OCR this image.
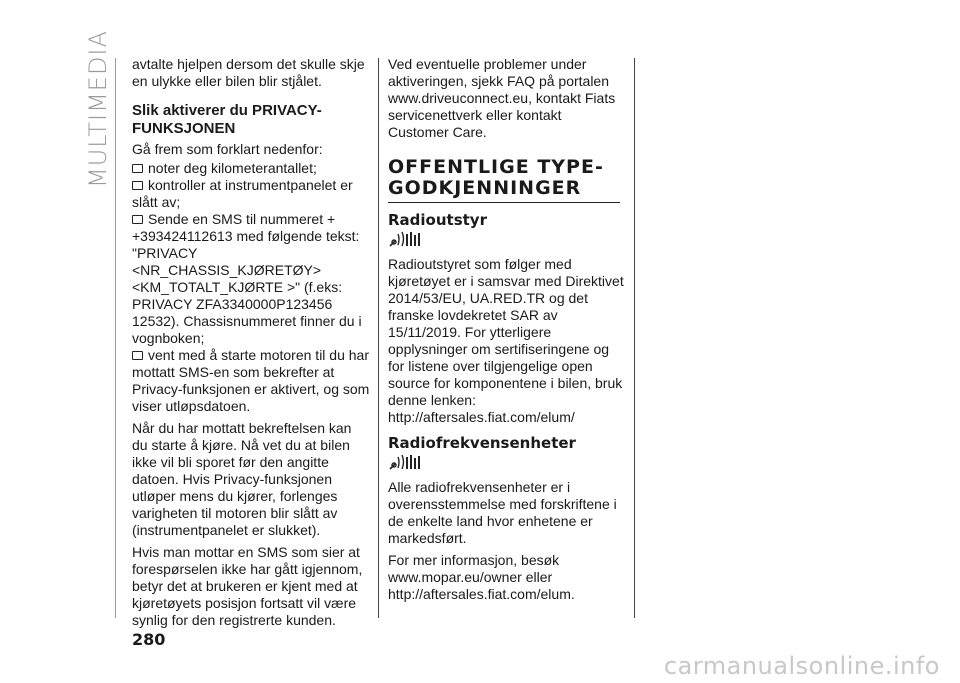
MULTIMEDIA avtalte hjelpen dersom det skulle skje en ulykke eller bilen blir stjålet.

Slik aktiverer du PRIVACY-FUNKSJONEN

Gå frem som forklart nedenfor:

noter deg kilometerantallet;
kontroller at instrumentpanelet er slått av;
Sende en SMS til nummeret + +393424112613 med følgende tekst: "PRIVACY <NR_CHASSIS_KJØRETØY> <KM_TOTALT_KJØRTE >" (f.eks: PRIVACY ZFA3340000P123456 12532). Chassisnummeret finner du i vognboken;
vent med å starte motoren til du har mottatt SMS-en som bekrefter at Privacy-funksjonen er aktivert, og som viser utløpsdatoen.

Når du har mottatt bekreftelsen kan du starte å kjøre. Nå vet du at bilen ikke vil bli sporet før den angitte datoen. Hvis Privacy-funksjonen utløper mens du kjører, forlenges varigheten til motoren blir slått av (instrumentpanelet er slukket).

Hvis man mottar en SMS som sier at forespørselen ikke har gått igjennom, betyr det at brukeren er kjent med at kjøretøyets posisjon fortsatt vil være synlig for den registrerte kunden.

Ved eventuelle problemer under aktiveringen, sjekk FAQ på portalen www.driveuconnect.eu, kontakt Fiats servicenettverk eller kontakt Customer Care.

OFFENTLIGE TYPE-GODKJENNINGER
Radioutstyr

Radioutstyret som følger med kjøretøyet er i samsvar med Direktivet 2014/53/EU, UA.RED.TR og det franske lovdekretet SAR av 15/11/2019. For ytterligere opplysninger om sertifiseringene og for listene over tilgjengelige open source for komponentene i bilen, bruk denne lenken: http://aftersales.fiat.com/elum/

Radiofrekvensenheter

Alle radiofrekvensenheter er i overensstemmelse med forskriftene i de enkelte land hvor enhetene er markedsført.

For mer informasjon, besøk www.mopar.eu/owner eller http://aftersales.fiat.com/elum.

280
carmanualsonline.info
